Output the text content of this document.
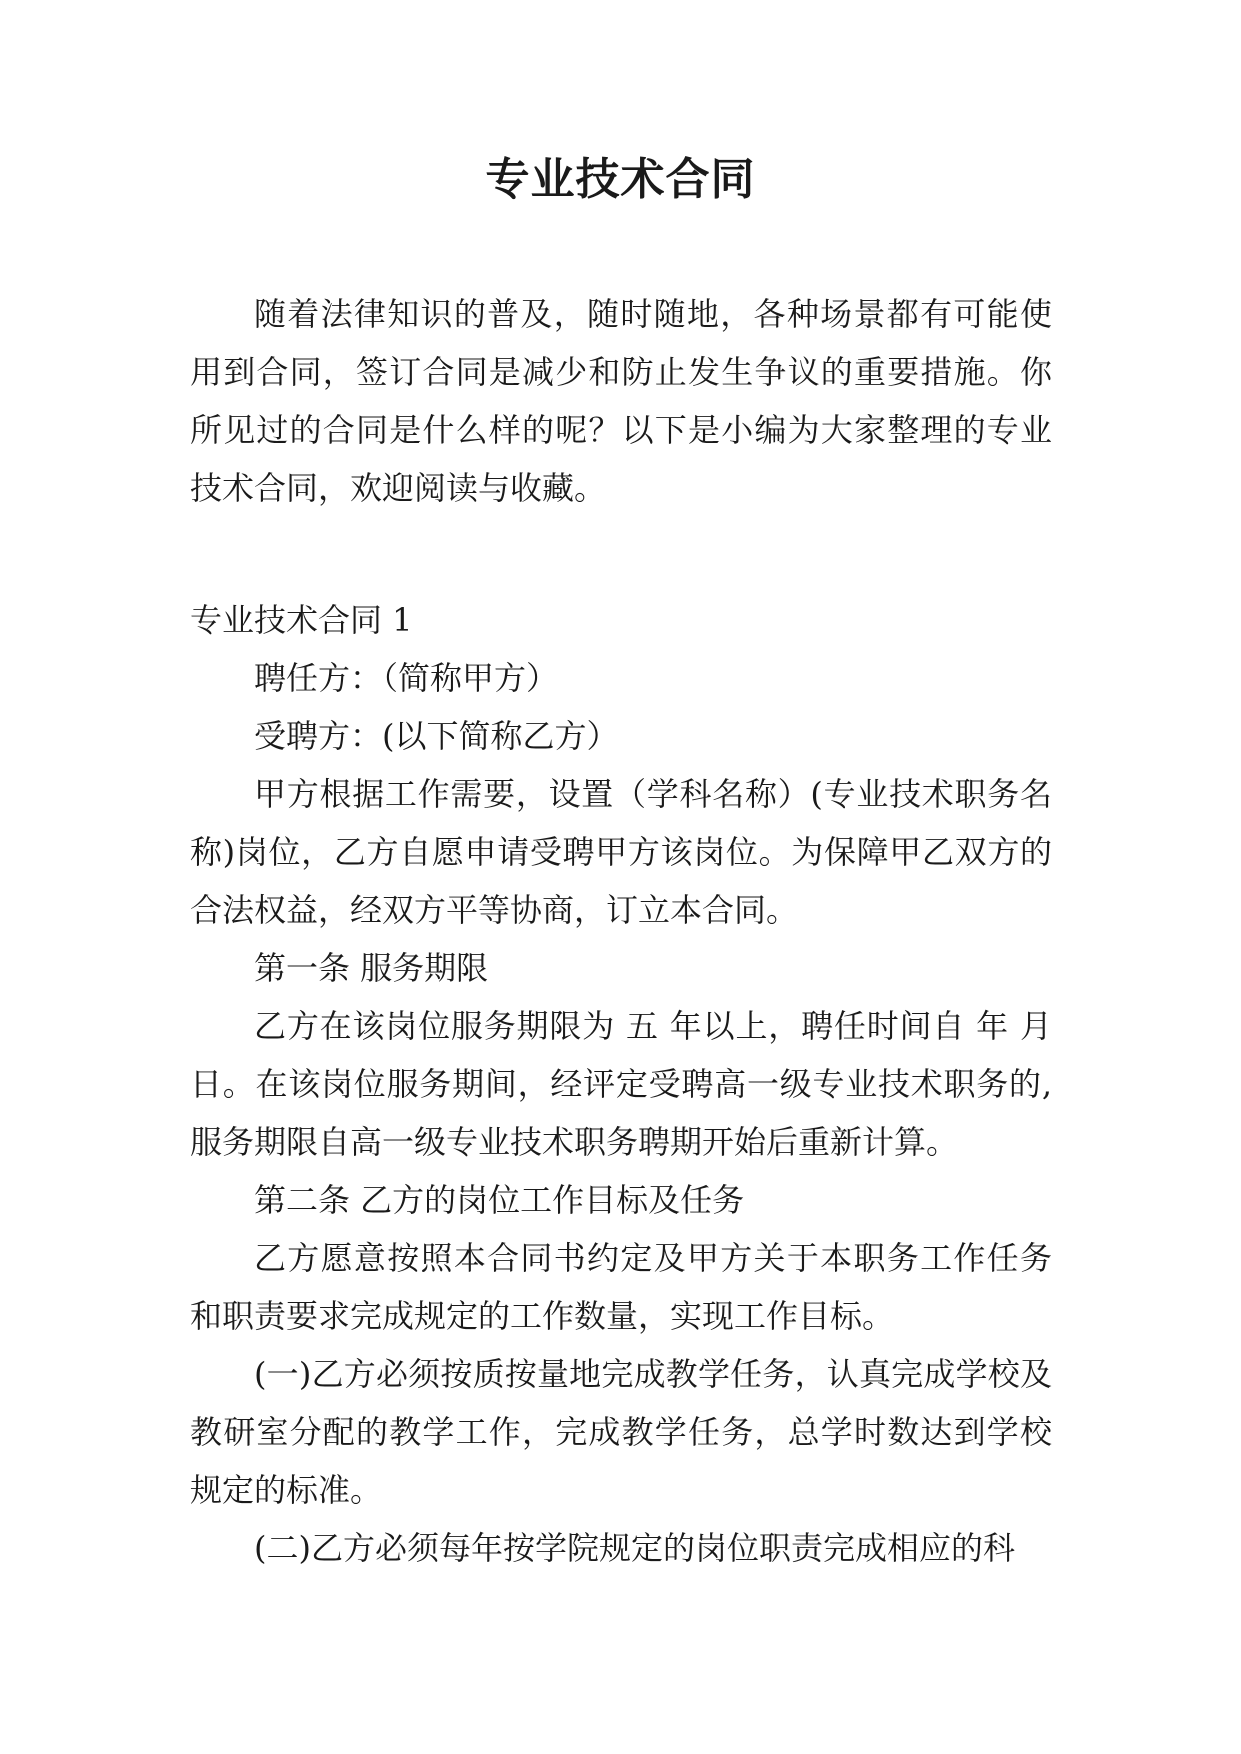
专业技术合同

随着法律知识的普及，随时随地，各种场景都有可能使用到合同，签订合同是减少和防止发生争议的重要措施。你所见过的合同是什么样的呢？以下是小编为大家整理的专业技术合同，欢迎阅读与收藏。

专业技术合同 1

聘任方：（简称甲方）

受聘方：(以下简称乙方）

甲方根据工作需要，设置（学科名称）(专业技术职务名称)岗位，乙方自愿申请受聘甲方该岗位。为保障甲乙双方的合法权益，经双方平等协商，订立本合同。

第一条 服务期限

乙方在该岗位服务期限为 五 年以上，聘任时间自 年 月 日。在该岗位服务期间，经评定受聘高一级专业技术职务的,服务期限自高一级专业技术职务聘期开始后重新计算。

第二条 乙方的岗位工作目标及任务

乙方愿意按照本合同书约定及甲方关于本职务工作任务和职责要求完成规定的工作数量，实现工作目标。

(一)乙方必须按质按量地完成教学任务，认真完成学校及教研室分配的教学工作，完成教学任务，总学时数达到学校规定的标准。

(二)乙方必须每年按学院规定的岗位职责完成相应的科
